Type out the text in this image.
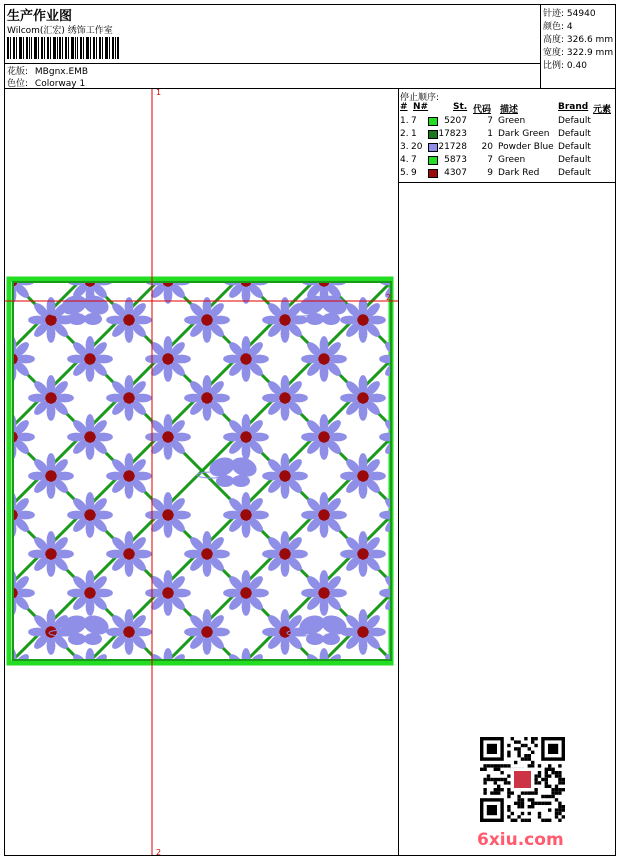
生产作业图
Wilcom(汇宏) 绣饰工作室
花版: MBgnx.EMB
色位: Colorway 1
针迹: 54940
颜色: 4
高度: 326.6 mm
宽度: 322.9 mm
比例: 0.40
停止顺序:
# N#	St. 代码 描述	Brand 元素
1. 7	5207 7 Green	Default
2. 1 17823 1 Dark Green Default
3. 20 21728 20 Powder Blue Default
4. 7	5873 7 Green	Default
5. 9	4307 9 Dark Red Default
1
2
2
6xiu.com
